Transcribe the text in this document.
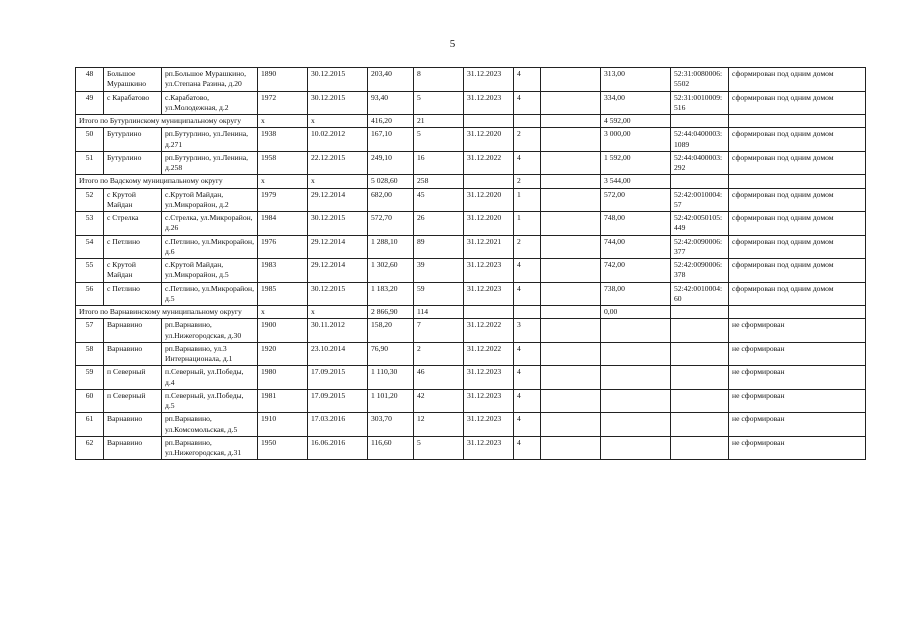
5
48	Большое Мурашкино	рп.Большое Мурашкино, ул.Степана Разина, д.20	1890	30.12.2015	203,40	8	31.12.2023	4		313,00	52:31:0080006:5502	сформирован под одним домом
49	с Карабатово	с.Карабатово, ул.Молодежная, д.2	1972	30.12.2015	93,40	5	31.12.2023	4		334,00	52:31:0010009:516	сформирован под одним домом
Итого по Бутурлинскому муниципальному округу			х	х	416,20	21				4 592,00		
50	Бутурлино	рп.Бутурлино, ул.Ленина, д.271	1938	10.02.2012	167,10	5	31.12.2020	2		3 000,00	52:44:0400003:1089	сформирован под одним домом
51	Бутурлино	рп.Бутурлино, ул.Ленина, д.258	1958	22.12.2015	249,10	16	31.12.2022	4		1 592,00	52:44:0400003:292	сформирован под одним домом
Итого по Вадскому муниципальному округу			х	х	5 028,60	258		2		3 544,00		
52	с Крутой Майдан	с.Крутой Майдан, ул.Микрорайон, д.2	1979	29.12.2014	682,00	45	31.12.2020	1		572,00	52:42:0010004:57	сформирован под одним домом
53	с Стрелка	с.Стрелка, ул.Микрорайон, д.26	1984	30.12.2015	572,70	26	31.12.2020	1		748,00	52:42:0050105:449	сформирован под одним домом
54	с Петлино	с.Петлино, ул.Микрорайон, д.6	1976	29.12.2014	1 288,10	89	31.12.2021	2		744,00	52:42:0090006:377	сформирован под одним домом
55	с Крутой Майдан	с.Крутой Майдан, ул.Микрорайон, д.5	1983	29.12.2014	1 302,60	39	31.12.2023	4		742,00	52:42:0090006:378	сформирован под одним домом
56	с Петлино	с.Петлино, ул.Микрорайон, д.5	1985	30.12.2015	1 183,20	59	31.12.2023	4		738,00	52:42:0010004:60	сформирован под одним домом
Итого по Варнавинскому муниципальному округу			х	х	2 866,90	114				0,00		
57	Варнавино	рп.Варнавино, ул.Нижегородская, д.30	1900	30.11.2012	158,20	7	31.12.2022	3				не сформирован
58	Варнавино	рп.Варнавино, ул.3 Интернационала, д.1	1920	23.10.2014	76,90	2	31.12.2022	4				не сформирован
59	п Северный	п.Северный, ул.Победы, д.4	1980	17.09.2015	1 110,30	46	31.12.2023	4				не сформирован
60	п Северный	п.Северный, ул.Победы, д.5	1981	17.09.2015	1 101,20	42	31.12.2023	4				не сформирован
61	Варнавино	рп.Варнавино, ул.Комсомольская, д.5	1910	17.03.2016	303,70	12	31.12.2023	4				не сформирован
62	Варнавино	рп.Варнавино, ул.Нижегородская, д.31	1950	16.06.2016	116,60	5	31.12.2023	4				не сформирован
